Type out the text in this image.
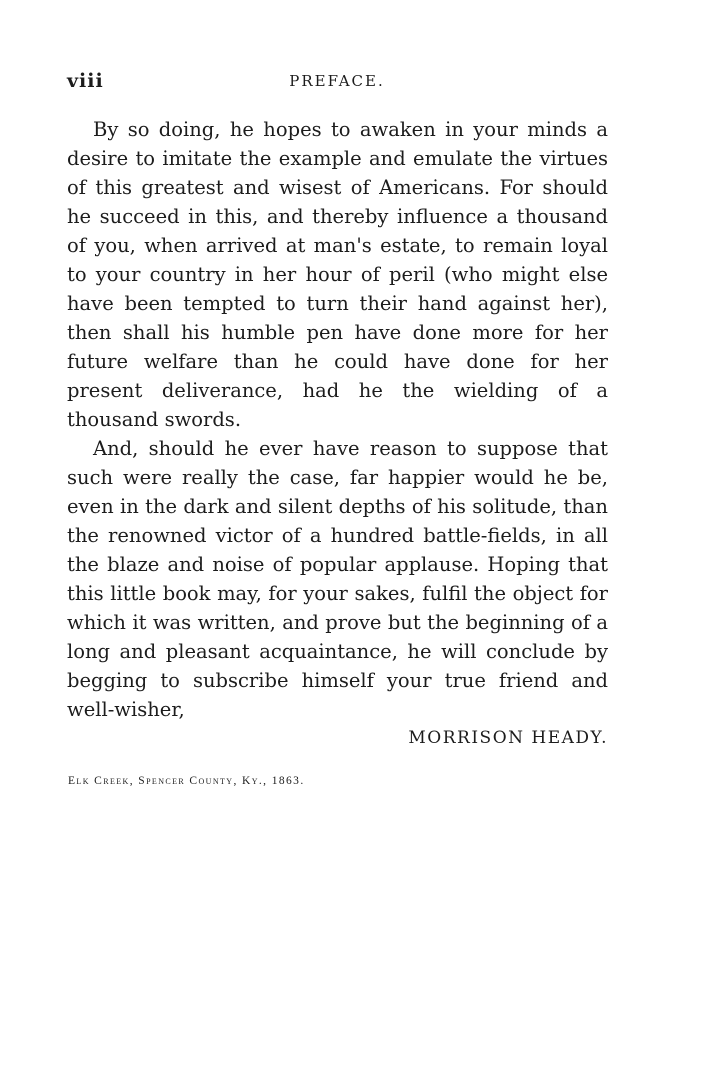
viii	PREFACE.

By so doing, he hopes to awaken in your minds a desire to imitate the example and emulate the virtues of this greatest and wisest of Americans. For should he succeed in this, and thereby influence a thousand of you, when arrived at man's estate, to remain loyal to your country in her hour of peril (who might else have been tempted to turn their hand against her), then shall his humble pen have done more for her future welfare than he could have done for her present deliverance, had he the wielding of a thousand swords.

And, should he ever have reason to suppose that such were really the case, far happier would he be, even in the dark and silent depths of his solitude, than the renowned victor of a hundred battle-fields, in all the blaze and noise of popular applause. Hoping that this little book may, for your sakes, fulfil the object for which it was written, and prove but the beginning of a long and pleasant acquaintance, he will conclude by begging to subscribe himself your true friend and well-wisher,

MORRISON HEADY.
Elk Creek, Spencer County, Ky., 1863.
